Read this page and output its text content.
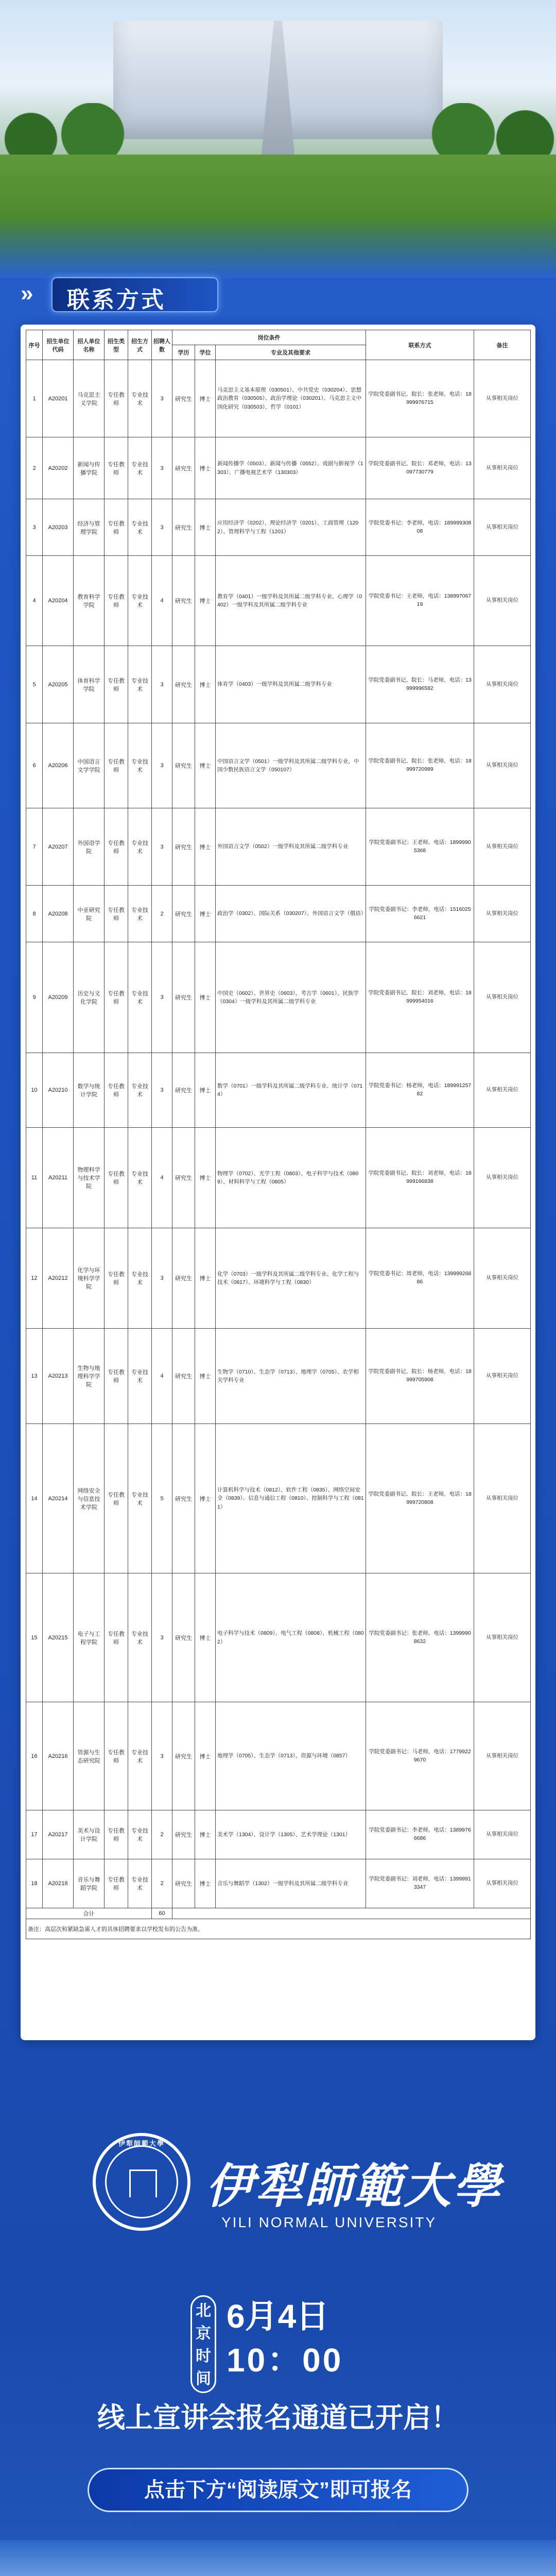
»	联系方式
序号	招生单位代码	招人单位名称	招生类型	招生方式	招聘人数	岗位条件			联系方式	备注
						学历	学位	专业及其他要求		
1	A20201	马克思主义学院	专任教师	专业技术	3	研究生	博士	马克思主义基本原理（030501）、中共党史（030204）、思想政治教育（030505）、政治学理论（030201）、马克思主义中国化研究（030503）、哲学（0101）	学院党委副书记、院长：张老师，电话：18999976715	从事相关岗位
2	A20202	新闻与传播学院	专任教师	专业技术	3	研究生	博士	新闻传播学（0503）、新闻与传播（0552）、戏剧与影视学（1303）、广播电视艺术学（130303）	学院党委副书记、院长：邓老师，电话：13097730779	从事相关岗位
3	A20203	经济与管理学院	专任教师	专业技术	3	研究生	博士	应用经济学（0202）、理论经济学（0201）、工商管理（1202）、管理科学与工程（1201）	学院党委书记：李老师，电话：18999930808	从事相关岗位
4	A20204	教育科学学院	专任教师	专业技术	4	研究生	博士	教育学（0401）一级学科及其所属二级学科专业、心理学（0402）一级学科及其所属二级学科专业	学院党委书记：王老师，电话：13899706719	从事相关岗位
5	A20205	体育科学学院	专任教师	专业技术	3	研究生	博士	体育学（0403）一级学科及其所属二级学科专业	学院党委副书记、院长：马老师，电话：13999996582	从事相关岗位
6	A20206	中国语言文学学院	专任教师	专业技术	3	研究生	博士	中国语言文学（0501）一级学科及其所属二级学科专业、中国少数民族语言文学（050107）	学院党委副书记、院长：张老师，电话：18999720989	从事相关岗位
7	A20207	外国语学院	专任教师	专业技术	3	研究生	博士	外国语言文学（0502）一级学科及其所属二级学科专业	学院党委副书记：王老师，电话：18999905368	从事相关岗位
8	A20208	中亚研究院	专任教师	专业技术	2	研究生	博士	政治学（0302）、国际关系（030207）、外国语言文学（俄语）	学院党委副书记：李老师，电话：15160256621	从事相关岗位
9	A20209	历史与文化学院	专任教师	专业技术	3	研究生	博士	中国史（0602）、世界史（0603）、考古学（0601）、民族学（0304）一级学科及其所属二级学科专业	学院党委副书记、院长：刘老师，电话：18999954016	从事相关岗位
10	A20210	数学与统计学院	专任教师	专业技术	3	研究生	博士	数学（0701）一级学科及其所属二级学科专业、统计学（0714）	学院党委书记：杨老师，电话：18999125782	从事相关岗位
11	A20211	物理科学与技术学院	专任教师	专业技术	4	研究生	博士	物理学（0702）、光学工程（0803）、电子科学与技术（0809）、材料科学与工程（0805）	学院党委副书记、院长：刘老师，电话：18999166838	从事相关岗位
12	A20212	化学与环境科学学院	专任教师	专业技术	3	研究生	博士	化学（0703）一级学科及其所属二级学科专业、化学工程与技术（0817）、环境科学与工程（0830）	学院党委书记：周老师，电话：13999926886	从事相关岗位
13	A20213	生物与地理科学学院	专任教师	专业技术	4	研究生	博士	生物学（0710）、生态学（0713）、地理学（0705）、农学相关学科专业	学院党委副书记、院长：杨老师，电话：18999705908	从事相关岗位
14	A20214	网络安全与信息技术学院	专任教师	专业技术	5	研究生	博士	计算机科学与技术（0812）、软件工程（0835）、网络空间安全（0839）、信息与通信工程（0810）、控制科学与工程（0811）	学院党委副书记、院长：王老师，电话：18999720808	从事相关岗位
15	A20215	电子与工程学院	专任教师	专业技术	3	研究生	博士	电子科学与技术（0809）、电气工程（0808）、机械工程（0802）	学院党委副书记：张老师，电话：13999908632	从事相关岗位
16	A20216	资源与生态研究院	专任教师	专业技术	3	研究生	博士	地理学（0705）、生态学（0713）、资源与环境（0857）	学院党委副书记：马老师，电话：17799229670	从事相关岗位
17	A20217	美术与设计学院	专任教师	专业技术	2	研究生	博士	美术学（1304）、设计学（1305）、艺术学理论（1301）	学院党委副书记：李老师，电话：13899766686	从事相关岗位
18	A20218	音乐与舞蹈学院	专任教师	专业技术	2	研究生	博士	音乐与舞蹈学（1302）一级学科及其所属二级学科专业	学院党委副书记：刘老师，电话：13999913347	从事相关岗位
合计					60					
备注：高层次和紧缺急需人才的具体招聘要求以学校发布的公告为准。										
伊犁師範大學
伊犁師範大學
YILI NORMAL UNIVERSITY
北
京
时
间
6月4日
10：00
线上宣讲会报名通道已开启！
点击下方“阅读原文”即可报名
